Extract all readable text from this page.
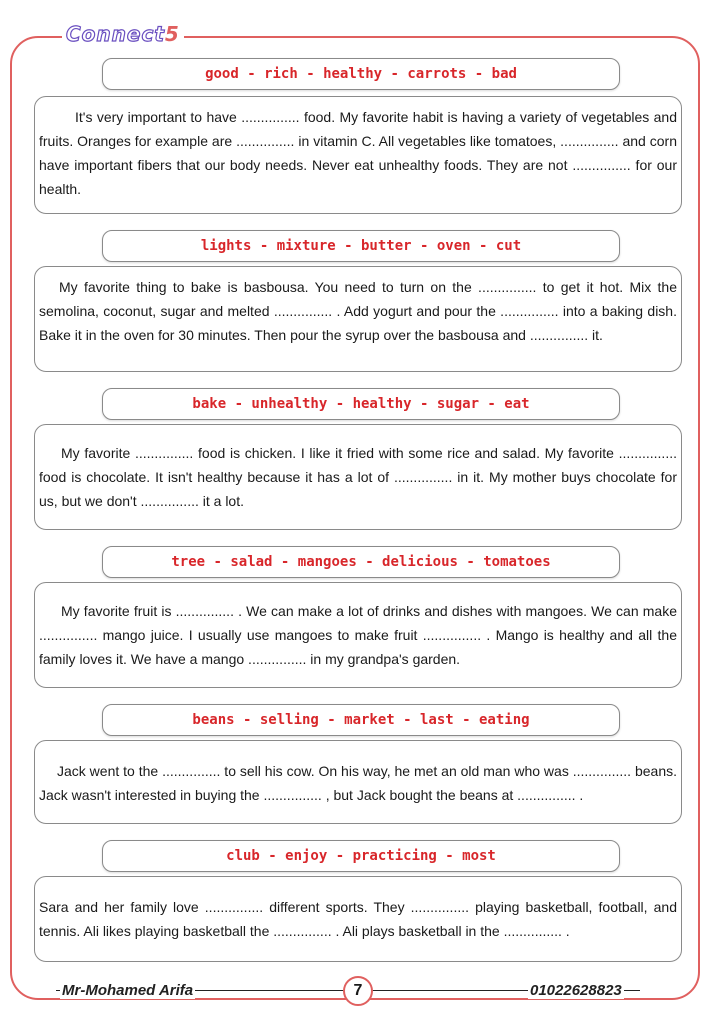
Connect5
good - rich - healthy - carrots - bad

It's very important to have ............... food. My favorite habit is having a variety of vegetables and fruits. Oranges for example are ............... in vitamin C. All vegetables like tomatoes, ............... and corn have important fibers that our body needs. Never eat unhealthy foods. They are not ............... for our health.

lights - mixture - butter - oven - cut

My favorite thing to bake is basbousa. You need to turn on the ............... to get it hot. Mix the semolina, coconut, sugar and melted ............... . Add yogurt and pour the ............... into a baking dish. Bake it in the oven for 30 minutes. Then pour the syrup over the basbousa and ............... it.

bake - unhealthy - healthy - sugar - eat

My favorite ............... food is chicken. I like it fried with some rice and salad. My favorite ............... food is chocolate. It isn't healthy because it has a lot of ............... in it. My mother buys chocolate for us, but we don't ............... it a lot.

tree - salad - mangoes - delicious - tomatoes

My favorite fruit is ............... . We can make a lot of drinks and dishes with mangoes. We can make ............... mango juice. I usually use mangoes to make fruit ............... . Mango is healthy and all the family loves it. We have a mango ............... in my grandpa's garden.

beans - selling - market - last - eating

Jack went to the ............... to sell his cow. On his way, he met an old man who was ............... beans. Jack wasn't interested in buying the ............... , but Jack bought the beans at ............... .

club - enjoy - practicing - most

Sara and her family love ............... different sports. They ............... playing basketball, football, and tennis. Ali likes playing basketball the ............... . Ali plays basketball in the ............... .

Mr-Mohamed Arifa	7	01022628823
